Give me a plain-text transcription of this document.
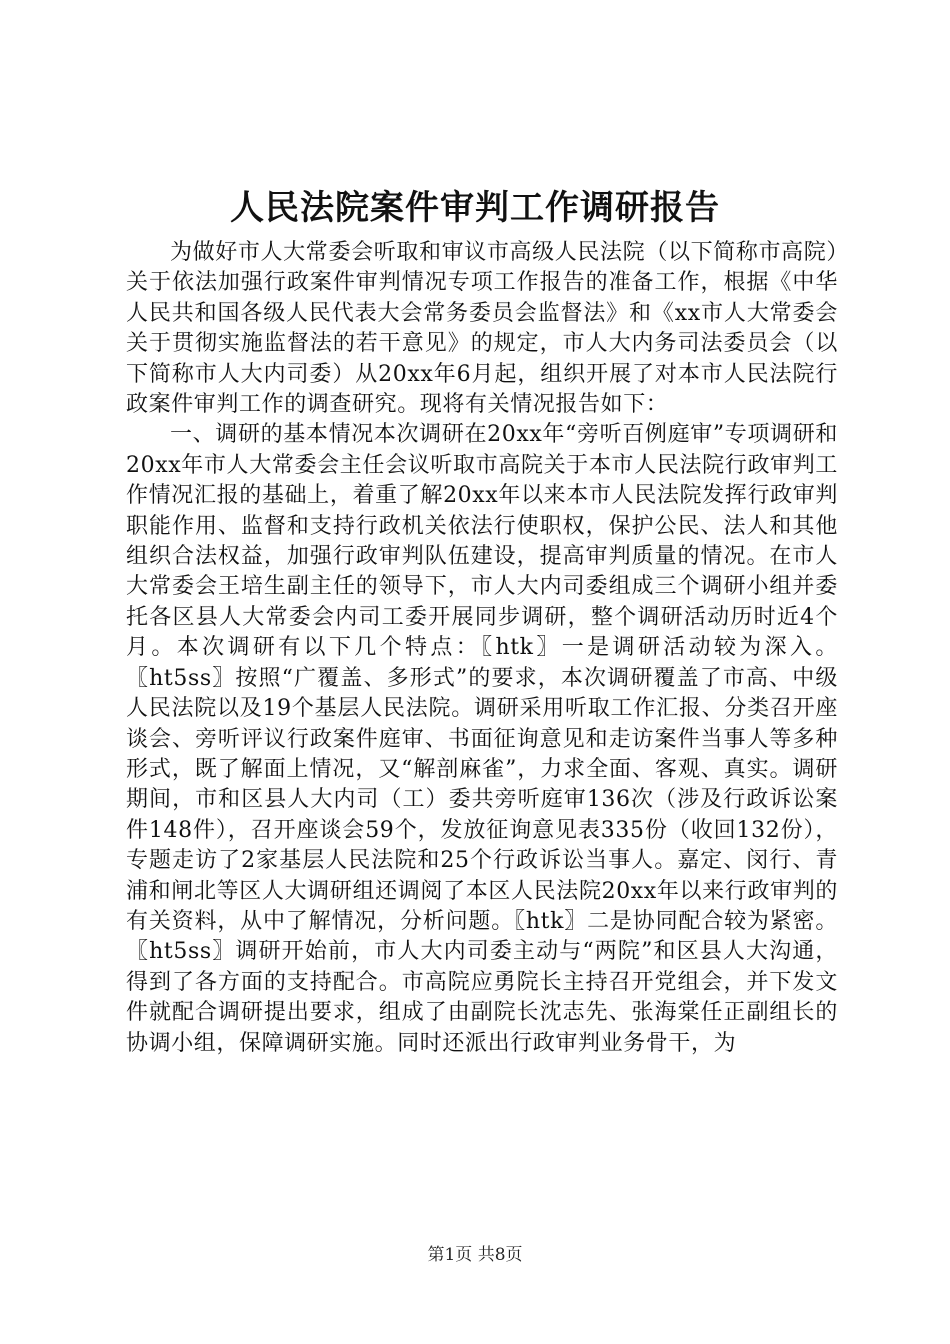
人民法院案件审判工作调研报告

为做好市人大常委会听取和审议市高级人民法院（以下简称市高院）关于依法加强行政案件审判情况专项工作报告的准备工作，根据《中华人民共和国各级人民代表大会常务委员会监督法》和《xx市人大常委会关于贯彻实施监督法的若干意见》的规定，市人大内务司法委员会（以下简称市人大内司委）从20xx年6月起，组织开展了对本市人民法院行政案件审判工作的调查研究。现将有关情况报告如下：

一、调研的基本情况本次调研在20xx年“旁听百例庭审”专项调研和20xx年市人大常委会主任会议听取市高院关于本市人民法院行政审判工作情况汇报的基础上，着重了解20xx年以来本市人民法院发挥行政审判职能作用、监督和支持行政机关依法行使职权，保护公民、法人和其他组织合法权益，加强行政审判队伍建设，提高审判质量的情况。在市人大常委会王培生副主任的领导下，市人大内司委组成三个调研小组并委托各区县人大常委会内司工委开展同步调研，整个调研活动历时近4个月。本次调研有以下几个特点：〖htk〗一是调研活动较为深入。〖ht5ss〗按照“广覆盖、多形式”的要求，本次调研覆盖了市高、中级人民法院以及19个基层人民法院。调研采用听取工作汇报、分类召开座谈会、旁听评议行政案件庭审、书面征询意见和走访案件当事人等多种形式，既了解面上情况，又“解剖麻雀”，力求全面、客观、真实。调研期间，市和区县人大内司（工）委共旁听庭审136次（涉及行政诉讼案件148件），召开座谈会59个，发放征询意见表335份（收回132份），专题走访了2家基层人民法院和25个行政诉讼当事人。嘉定、闵行、青浦和闸北等区人大调研组还调阅了本区人民法院20xx年以来行政审判的有关资料，从中了解情况，分析问题。〖htk〗二是协同配合较为紧密。〖ht5ss〗调研开始前，市人大内司委主动与“两院”和区县人大沟通，得到了各方面的支持配合。市高院应勇院长主持召开党组会，并下发文件就配合调研提出要求，组成了由副院长沈志先、张海棠任正副组长的协调小组，保障调研实施。同时还派出行政审判业务骨干，为

第1页 共8页
